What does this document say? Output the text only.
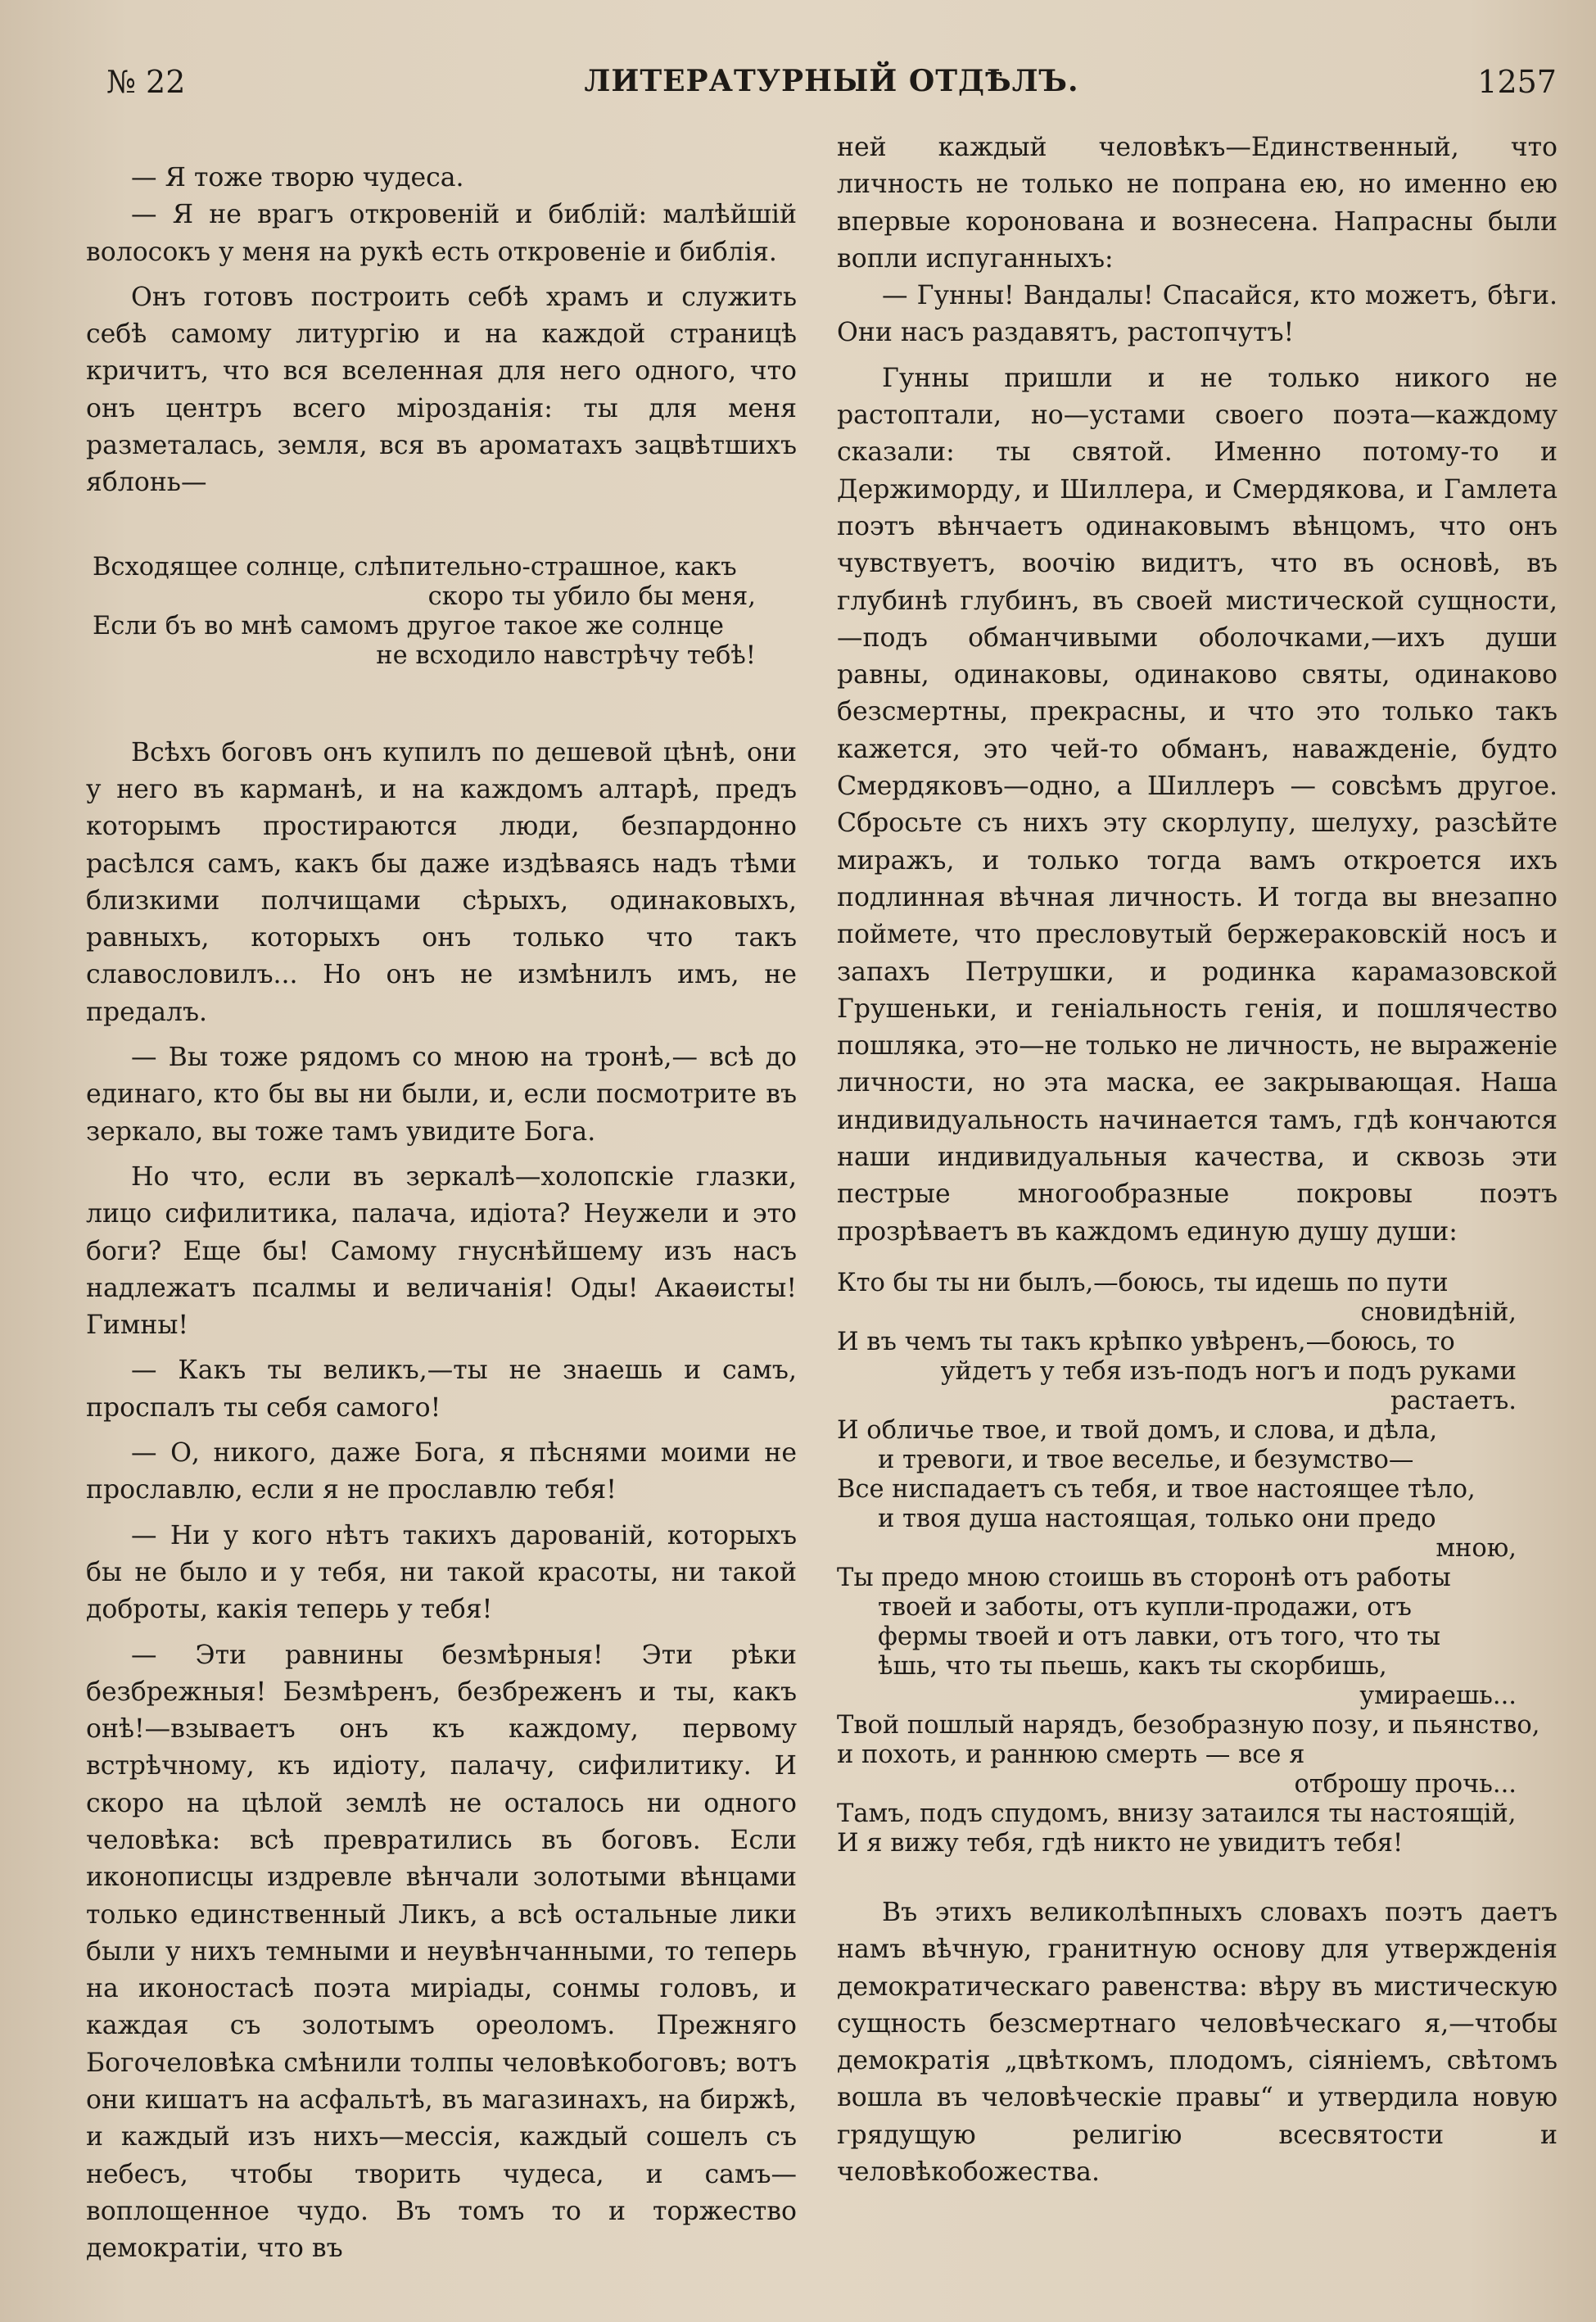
№ 22	ЛИТЕРАТУРНЫЙ ОТДѢЛЪ.	1257

— Я тоже творю чудеса.

— Я не врагъ откровеній и библій: малѣйшій волосокъ у меня на рукѣ есть откровеніе и библія.

Онъ готовъ построить себѣ храмъ и служить себѣ самому литургію и на каждой страницѣ кричитъ, что вся вселенная для него одного, что онъ центръ всего мірозданія: ты для меня разметалась, земля, вся въ ароматахъ зацвѣтшихъ яблонь—

Всходящее солнце, слѣпительно-страшное, какъ
скоро ты убило бы меня,
Если бъ во мнѣ самомъ другое такое же солнце
не всходило навстрѣчу тебѣ!

Всѣхъ боговъ онъ купилъ по дешевой цѣнѣ, они у него въ карманѣ, и на каждомъ алтарѣ, предъ которымъ простираются люди, безпардонно расѣлся самъ, какъ бы даже издѣваясь надъ тѣми близкими полчищами сѣрыхъ, одинаковыхъ, равныхъ, которыхъ онъ только что такъ славословилъ... Но онъ не измѣнилъ имъ, не предалъ.

— Вы тоже рядомъ со мною на тронѣ,— всѣ до единаго, кто бы вы ни были, и, если посмотрите въ зеркало, вы тоже тамъ увидите Бога.

Но что, если въ зеркалѣ—холопскіе глазки, лицо сифилитика, палача, идіота? Неужели и это боги? Еще бы! Самому гнуснѣйшему изъ насъ надлежатъ псалмы и величанія! Оды! Акаѳисты! Гимны!

— Какъ ты великъ,—ты не знаешь и самъ, проспалъ ты себя самого!

— О, никого, даже Бога, я пѣснями моими не прославлю, если я не прославлю тебя!

— Ни у кого нѣтъ такихъ дарованій, которыхъ бы не было и у тебя, ни такой красоты, ни такой доброты, какія теперь у тебя!

— Эти равнины безмѣрныя! Эти рѣки безбрежныя! Безмѣренъ, безбреженъ и ты, какъ онѣ!—взываетъ онъ къ каждому, первому встрѣчному, къ идіоту, палачу, сифилитику. И скоро на цѣлой землѣ не осталось ни одного человѣка: всѣ превратились въ боговъ. Если иконописцы издревле вѣнчали золотыми вѣнцами только единственный Ликъ, а всѣ остальные лики были у нихъ темными и неувѣнчанными, то теперь на иконостасѣ поэта миріады, сонмы головъ, и каждая съ золотымъ ореоломъ. Прежняго Богочеловѣка смѣнили толпы человѣкобоговъ; вотъ они кишатъ на асфальтѣ, въ магазинахъ, на биржѣ, и каждый изъ нихъ—мессія, каждый сошелъ съ небесъ, чтобы творить чудеса, и самъ—воплощенное чудо. Въ томъ то и торжество демократіи, что въ

ней каждый человѣкъ—Единственный, что личность не только не попрана ею, но именно ею впервые коронована и вознесена. Напрасны были вопли испуганныхъ:

— Гунны! Вандалы! Спасайся, кто можетъ, бѣги. Они насъ раздавятъ, растопчутъ!

Гунны пришли и не только никого не растоптали, но—устами своего поэта—каждому сказали: ты святой. Именно потому-то и Держиморду, и Шиллера, и Смердякова, и Гамлета поэтъ вѣнчаетъ одинаковымъ вѣнцомъ, что онъ чувствуетъ, воочію видитъ, что въ основѣ, въ глубинѣ глубинъ, въ своей мистической сущности,—подъ обманчивыми оболочками,—ихъ души равны, одинаковы, одинаково святы, одинаково безсмертны, прекрасны, и что это только такъ кажется, это чей-то обманъ, наважденіе, будто Смердяковъ—одно, а Шиллеръ — совсѣмъ другое. Сбросьте съ нихъ эту скорлупу, шелуху, разсѣйте миражъ, и только тогда вамъ откроется ихъ подлинная вѣчная личность. И тогда вы внезапно поймете, что пресловутый бержераковскій носъ и запахъ Петрушки, и родинка карамазовской Грушеньки, и геніальность генія, и пошлячество пошляка, это—не только не личность, не выраженіе личности, но эта маска, ее закрывающая. Наша индивидуальность начинается тамъ, гдѣ кончаются наши индивидуальныя качества, и сквозь эти пестрые многообразные покровы поэтъ прозрѣваетъ въ каждомъ единую душу души:

Кто бы ты ни былъ,—боюсь, ты идешь по пути
сновидѣній,
И въ чемъ ты такъ крѣпко увѣренъ,—боюсь, то
уйдетъ у тебя изъ-подъ ногъ и подъ руками
растаетъ.
И обличье твое, и твой домъ, и слова, и дѣла,
и тревоги, и твое веселье, и безумство—
Все ниспадаетъ съ тебя, и твое настоящее тѣло,
и твоя душа настоящая, только они предо
мною,
Ты предо мною стоишь въ сторонѣ отъ работы
твоей и заботы, отъ купли-продажи, отъ
фермы твоей и отъ лавки, отъ того, что ты
ѣшь, что ты пьешь, какъ ты скорбишь,
умираешь...
Твой пошлый нарядъ, безобразную позу, и пьянство, и похоть, и раннюю смерть — все я
отброшу прочь...
Тамъ, подъ спудомъ, внизу затаился ты настоящій,
И я вижу тебя, гдѣ никто не увидитъ тебя!

Въ этихъ великолѣпныхъ словахъ поэтъ даетъ намъ вѣчную, гранитную основу для утвержденія демократическаго равенства: вѣру въ мистическую сущность безсмертнаго человѣческаго я,—чтобы демократія „цвѣткомъ, плодомъ, сіяніемъ, свѣтомъ вошла въ человѣческіе правы“ и утвердила новую грядущую религію всесвятости и человѣкобожества.
